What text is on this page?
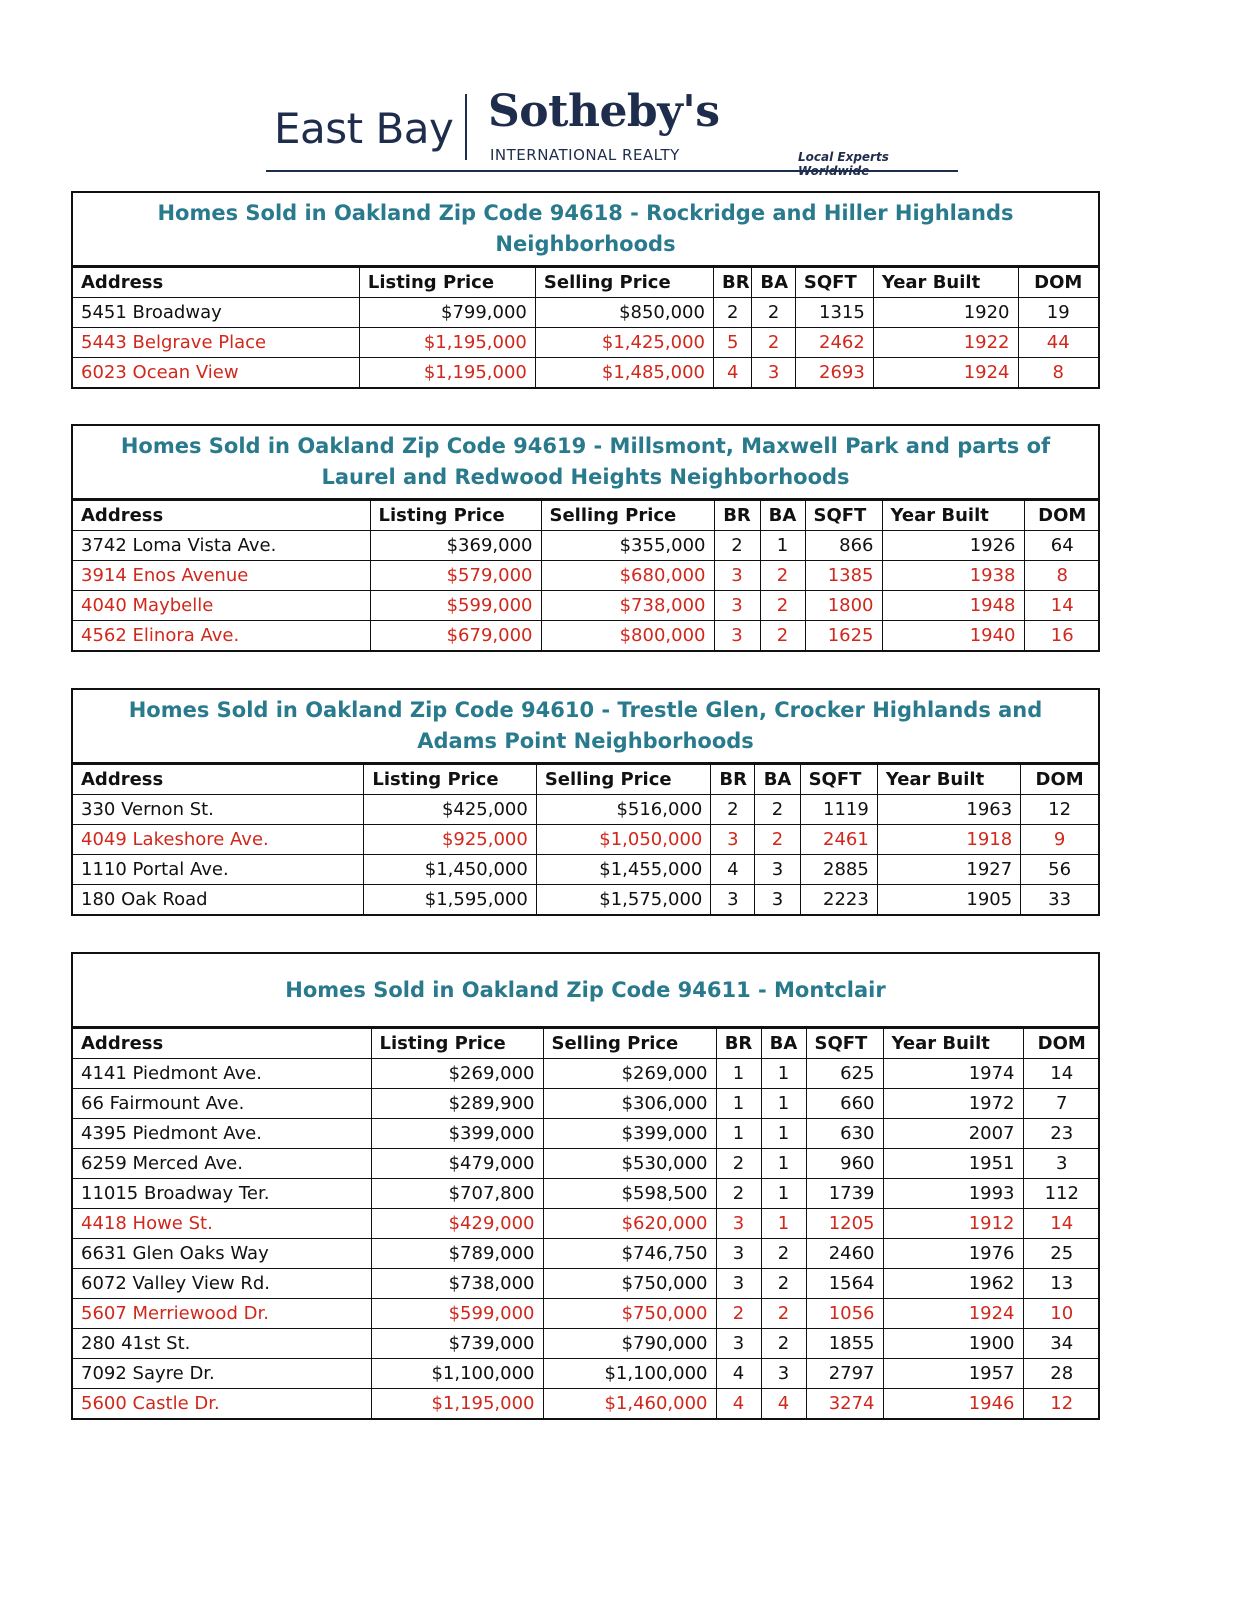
East Bay Sotheby's
INTERNATIONAL REALTY	Local Experts
Homes Sold in Oakland Zip Code 94618 - Rockridge and Hiller Highlands Neighborhoods
Address	Listing Price	Selling Price	BR	BA	SQFT	Year Built	DOM
5451 Broadway	$799,000	$850,000	2	2	1315	1920	19
5443 Belgrave Place	$1,195,000	$1,425,000	5	2	2462	1922	44
6023 Ocean View	$1,195,000	$1,485,000	4	3	2693	1924	8
Homes Sold in Oakland Zip Code 94619 - Millsmont, Maxwell Park and parts of Laurel and Redwood Heights Neighborhoods
Address	Listing Price	Selling Price	BR	BA	SQFT	Year Built	DOM
3742 Loma Vista Ave.	$369,000	$355,000	2	1	866	1926	64
3914 Enos Avenue	$579,000	$680,000	3	2	1385	1938	8
4040 Maybelle	$599,000	$738,000	3	2	1800	1948	14
4562 Elinora Ave.	$679,000	$800,000	3	2	1625	1940	16
Homes Sold in Oakland Zip Code 94610 - Trestle Glen, Crocker Highlands and Adams Point Neighborhoods
Address	Listing Price	Selling Price	BR	BA	SQFT	Year Built	DOM
330 Vernon St.	$425,000	$516,000	2	2	1119	1963	12
4049 Lakeshore Ave.	$925,000	$1,050,000	3	2	2461	1918	9
1110 Portal Ave.	$1,450,000	$1,455,000	4	3	2885	1927	56
180 Oak Road	$1,595,000	$1,575,000	3	3	2223	1905	33
Homes Sold in Oakland Zip Code 94611 - Montclair
Address	Listing Price	Selling Price	BR	BA	SQFT	Year Built	DOM
4141 Piedmont Ave.	$269,000	$269,000	1	1	625	1974	14
66 Fairmount Ave.	$289,900	$306,000	1	1	660	1972	7
4395 Piedmont Ave.	$399,000	$399,000	1	1	630	2007	23
6259 Merced Ave.	$479,000	$530,000	2	1	960	1951	3
11015 Broadway Ter.	$707,800	$598,500	2	1	1739	1993	112
4418 Howe St.	$429,000	$620,000	3	1	1205	1912	14
6631 Glen Oaks Way	$789,000	$746,750	3	2	2460	1976	25
6072 Valley View Rd.	$738,000	$750,000	3	2	1564	1962	13
5607 Merriewood Dr.	$599,000	$750,000	2	2	1056	1924	10
280 41st St.	$739,000	$790,000	3	2	1855	1900	34
7092 Sayre Dr.	$1,100,000	$1,100,000	4	3	2797	1957	28
5600 Castle Dr.	$1,195,000	$1,460,000	4	4	3274	1946	12
